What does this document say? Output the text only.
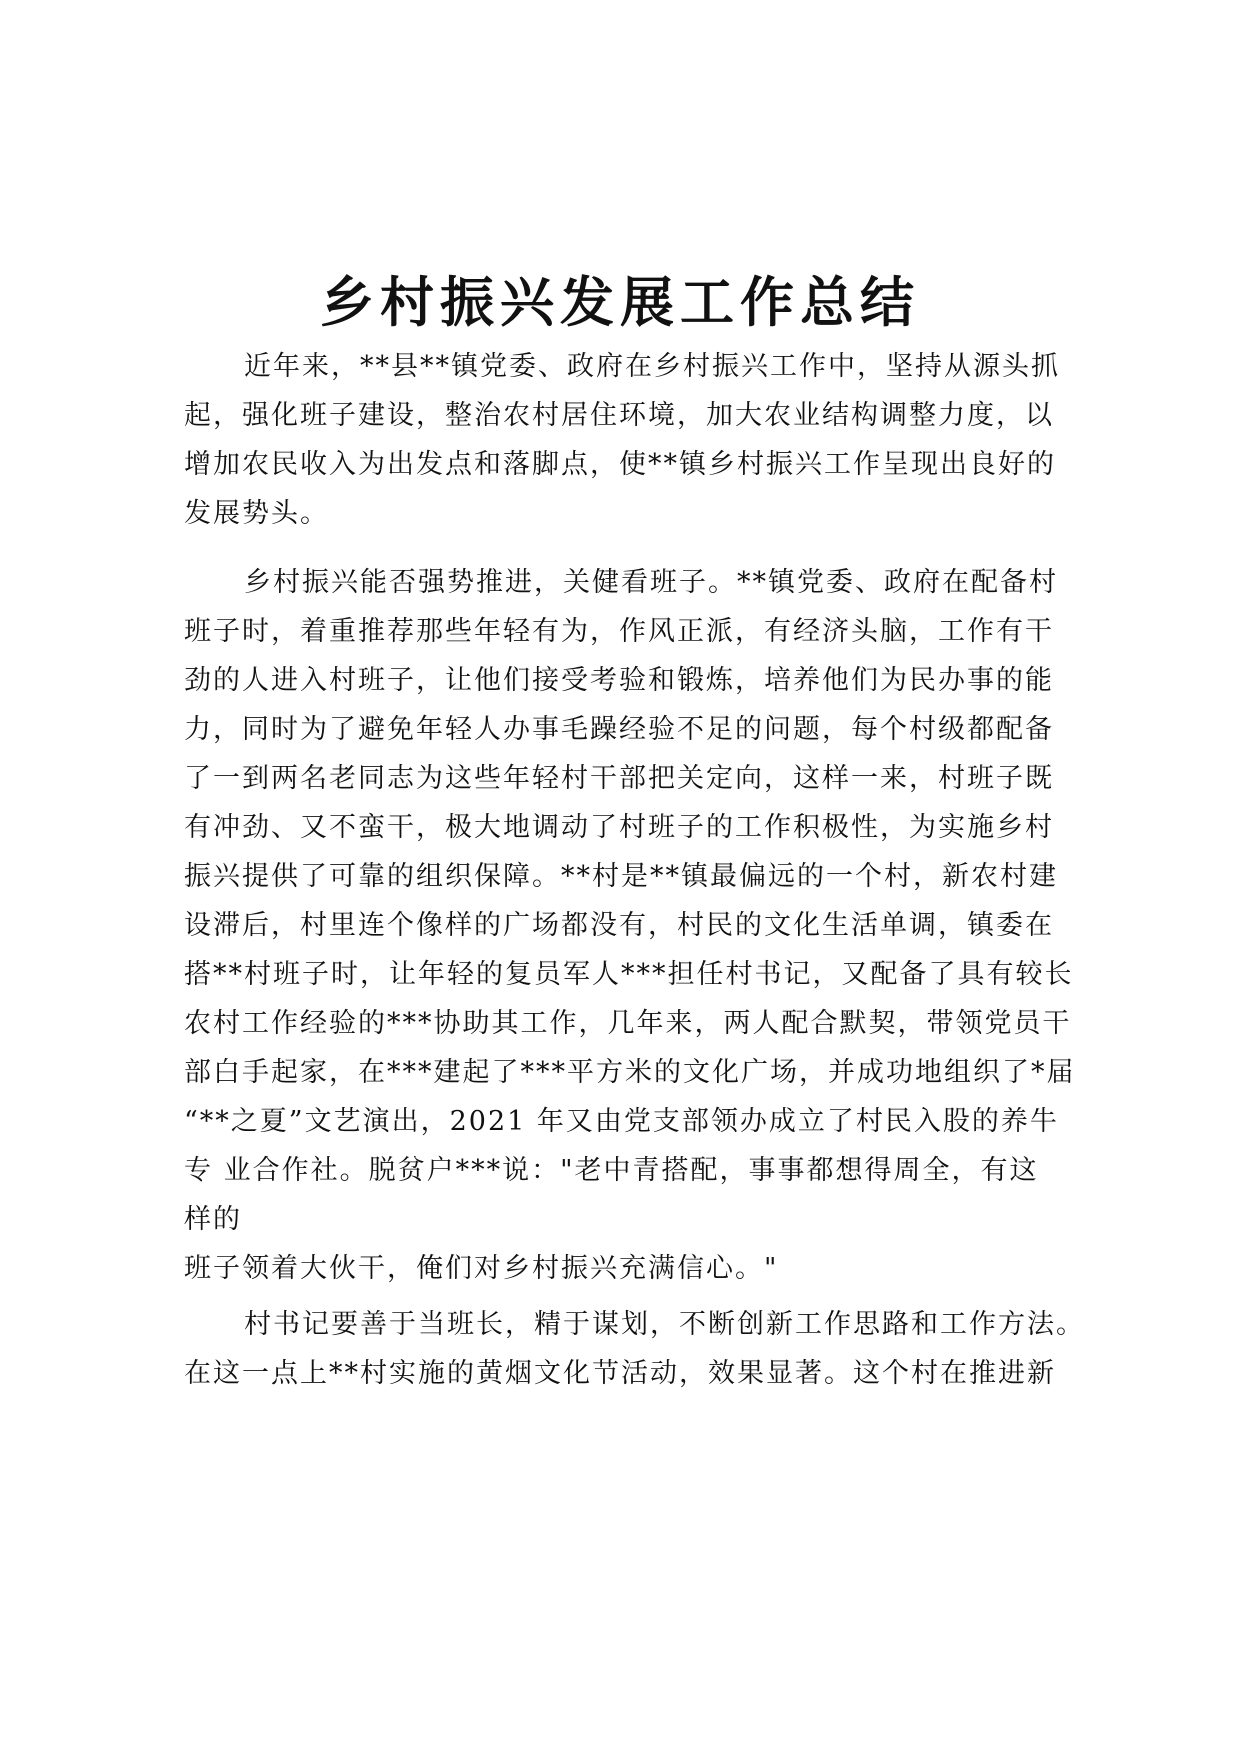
乡村振兴发展工作总结
近年来，**县**镇党委、政府在乡村振兴工作中，坚持从源头抓
起，强化班子建设，整治农村居住环境，加大农业结构调整力度，以
增加农民收入为出发点和落脚点，使**镇乡村振兴工作呈现出良好的
发展势头。
乡村振兴能否强势推进，关健看班子。**镇党委、政府在配备村
班子时，着重推荐那些年轻有为，作风正派，有经济头脑，工作有干
劲的人进入村班子，让他们接受考验和锻炼，培养他们为民办事的能
力，同时为了避免年轻人办事毛躁经验不足的问题，每个村级都配备
了一到两名老同志为这些年轻村干部把关定向，这样一来，村班子既
有冲劲、又不蛮干，极大地调动了村班子的工作积极性，为实施乡村
振兴提供了可靠的组织保障。**村是**镇最偏远的一个村，新农村建
设滞后，村里连个像样的广场都没有，村民的文化生活单调，镇委在
搭**村班子时，让年轻的复员军人***担任村书记，又配备了具有较长
农村工作经验的***协助其工作，几年来，两人配合默契，带领党员干
部白手起家，在***建起了***平方米的文化广场，并成功地组织了*届
“**之夏”文艺演出，2021 年又由党支部领办成立了村民入股的养牛
专 业合作社。脱贫户***说："老中青搭配，事事都想得周全，有这
样的
班子领着大伙干，俺们对乡村振兴充满信心。"
村书记要善于当班长，精于谋划，不断创新工作思路和工作方法。
在这一点上**村实施的黄烟文化节活动，效果显著。这个村在推进新
